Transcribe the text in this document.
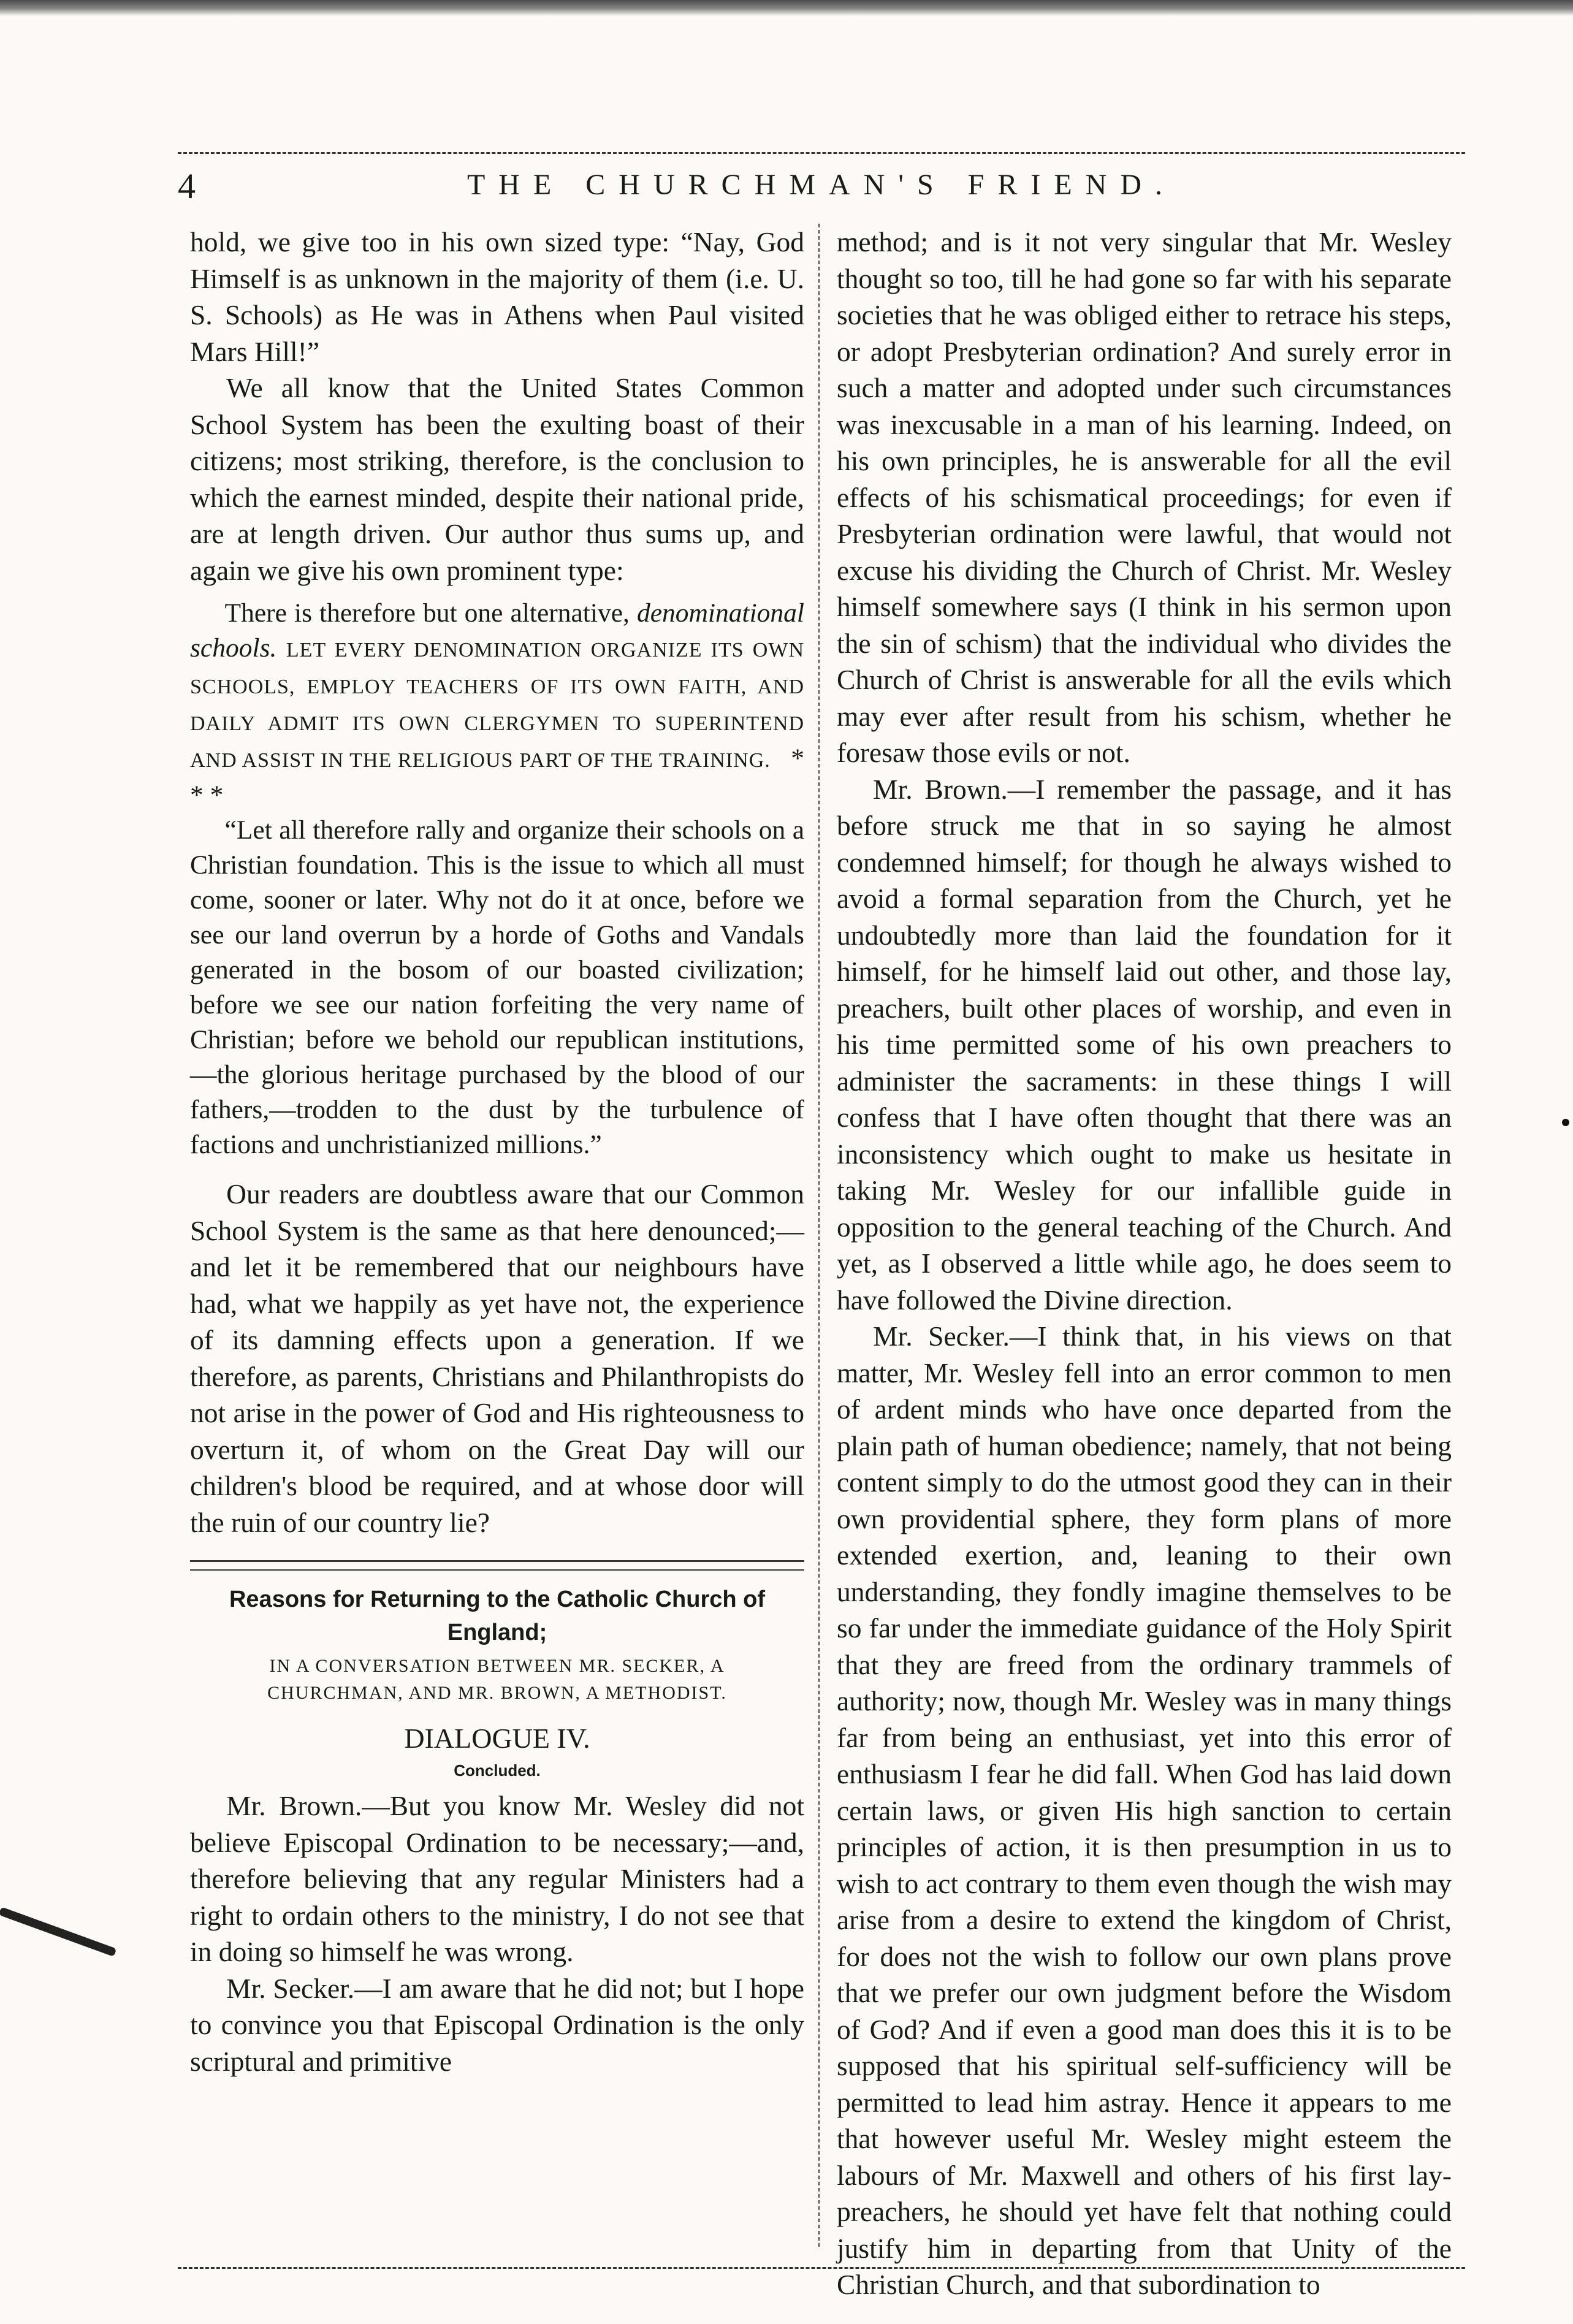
4	THE CHURCHMAN'S FRIEND.

hold, we give too in his own sized type: “Nay, God Himself is as unknown in the majority of them (i.e. U. S. Schools) as He was in Athens when Paul visited Mars Hill!”

We all know that the United States Common School System has been the exulting boast of their citizens; most striking, therefore, is the conclusion to which the earnest minded, despite their national pride, are at length driven. Our author thus sums up, and again we give his own prominent type:

There is therefore but one alternative, denominational schools. LET EVERY DENOMINATION ORGANIZE ITS OWN SCHOOLS, EMPLOY TEACHERS OF ITS OWN FAITH, AND DAILY ADMIT ITS OWN CLERGYMEN TO SUPERINTEND AND ASSIST IN THE RELIGIOUS PART OF THE TRAINING. * * *

“Let all therefore rally and organize their schools on a Christian foundation. This is the issue to which all must come, sooner or later. Why not do it at once, before we see our land overrun by a horde of Goths and Vandals generated in the bosom of our boasted civilization; before we see our nation forfeiting the very name of Christian; before we behold our republican institutions,—the glorious heritage purchased by the blood of our fathers,—trodden to the dust by the turbulence of factions and unchristianized millions.”

Our readers are doubtless aware that our Common School System is the same as that here denounced;—and let it be remembered that our neighbours have had, what we happily as yet have not, the experience of its damning effects upon a generation. If we therefore, as parents, Christians and Philanthropists do not arise in the power of God and His righteousness to overturn it, of whom on the Great Day will our children's blood be required, and at whose door will the ruin of our country lie?

Reasons for Returning to the Catholic Church of England;
IN A CONVERSATION BETWEEN MR. SECKER, A CHURCHMAN, AND MR. BROWN, A METHODIST.
DIALOGUE IV.
Concluded.

Mr. Brown.—But you know Mr. Wesley did not believe Episcopal Ordination to be necessary;—and, therefore believing that any regular Ministers had a right to ordain others to the ministry, I do not see that in doing so himself he was wrong.

Mr. Secker.—I am aware that he did not; but I hope to convince you that Episcopal Ordination is the only scriptural and primitive

method; and is it not very singular that Mr. Wesley thought so too, till he had gone so far with his separate societies that he was obliged either to retrace his steps, or adopt Presbyterian ordination? And surely error in such a matter and adopted under such circumstances was inexcusable in a man of his learning. Indeed, on his own principles, he is answerable for all the evil effects of his schismatical proceedings; for even if Presbyterian ordination were lawful, that would not excuse his dividing the Church of Christ. Mr. Wesley himself somewhere says (I think in his sermon upon the sin of schism) that the individual who divides the Church of Christ is answerable for all the evils which may ever after result from his schism, whether he foresaw those evils or not.

Mr. Brown.—I remember the passage, and it has before struck me that in so saying he almost condemned himself; for though he always wished to avoid a formal separation from the Church, yet he undoubtedly more than laid the foundation for it himself, for he himself laid out other, and those lay, preachers, built other places of worship, and even in his time permitted some of his own preachers to administer the sacraments: in these things I will confess that I have often thought that there was an inconsistency which ought to make us hesitate in taking Mr. Wesley for our infallible guide in opposition to the general teaching of the Church. And yet, as I observed a little while ago, he does seem to have followed the Divine direction.

Mr. Secker.—I think that, in his views on that matter, Mr. Wesley fell into an error common to men of ardent minds who have once departed from the plain path of human obedience; namely, that not being content simply to do the utmost good they can in their own providential sphere, they form plans of more extended exertion, and, leaning to their own understanding, they fondly imagine themselves to be so far under the immediate guidance of the Holy Spirit that they are freed from the ordinary trammels of authority; now, though Mr. Wesley was in many things far from being an enthusiast, yet into this error of enthusiasm I fear he did fall. When God has laid down certain laws, or given His high sanction to certain principles of action, it is then presumption in us to wish to act contrary to them even though the wish may arise from a desire to extend the kingdom of Christ, for does not the wish to follow our own plans prove that we prefer our own judgment before the Wisdom of God? And if even a good man does this it is to be supposed that his spiritual self-sufficiency will be permitted to lead him astray. Hence it appears to me that however useful Mr. Wesley might esteem the labours of Mr. Maxwell and others of his first lay-preachers, he should yet have felt that nothing could justify him in departing from that Unity of the Christian Church, and that subordination to
